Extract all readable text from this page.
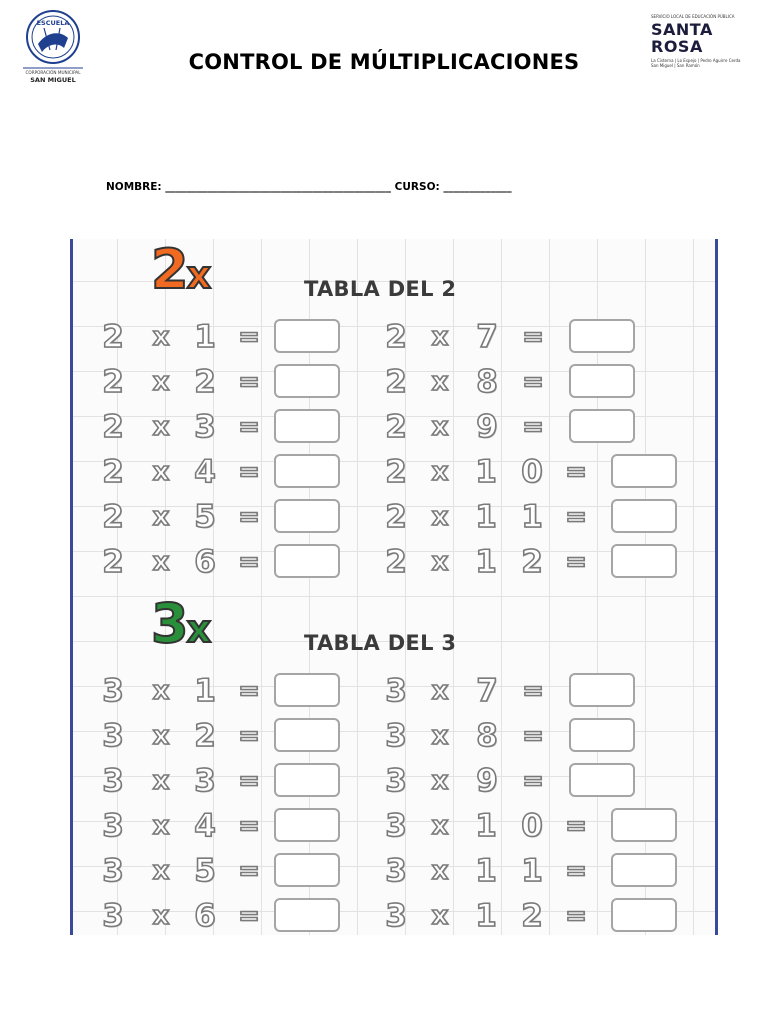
ESCUELA
CORPORACIÓN MUNICIPAL
SAN MIGUEL
CONTROL DE MÚLTIPLICACIONES
SERVICIO LOCAL DE EDUCACIÓN PÚBLICA
SANTA
ROSA
La Cisterna | Lo Espejo | Pedro Aguirre Cerda
San Miguel | San Ramón
NOMBRE: ___________________________________________ CURSO: _____________
2x	TABLA DEL 2
2 x 1 =	2 x 7 =
2 x 2 =	2 x 8 =
2 x 3 =	2 x 9 =
2 x 4 =	2 x 1 0 =
2 x 5 =	2 x 1 1 =
2 x 6 =	2 x 1 2 =
3x	TABLA DEL 3
3 x 1 =	3 x 7 =
3 x 2 =	3 x 8 =
3 x 3 =	3 x 9 =
3 x 4 =	3 x 1 0 =
3 x 5 =	3 x 1 1 =
3 x 6 =	3 x 1 2 =
